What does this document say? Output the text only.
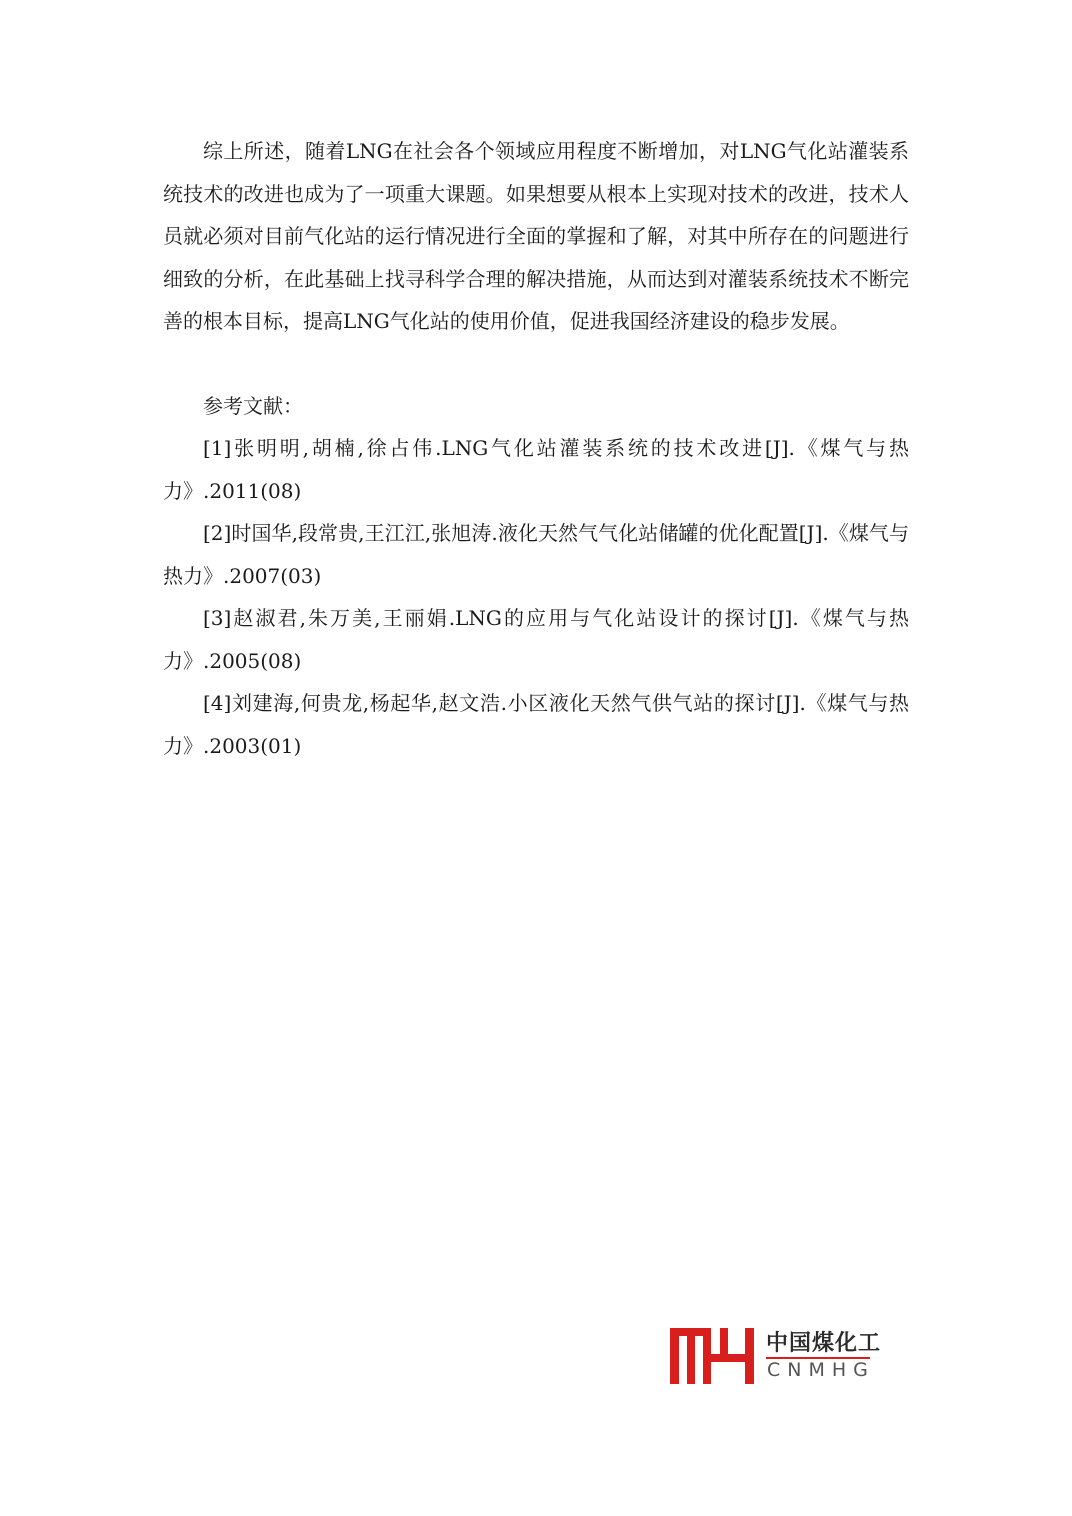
综上所述，随着LNG在社会各个领域应用程度不断增加，对LNG气化站灌装系统技术的改进也成为了一项重大课题。如果想要从根本上实现对技术的改进，技术人员就必须对目前气化站的运行情况进行全面的掌握和了解，对其中所存在的问题进行细致的分析，在此基础上找寻科学合理的解决措施，从而达到对灌装系统技术不断完善的根本目标，提高LNG气化站的使用价值，促进我国经济建设的稳步发展。

参考文献：

[1]张明明,胡楠,徐占伟.LNG气化站灌装系统的技术改进[J].《煤气与热力》.2011(08)

[2]时国华,段常贵,王江江,张旭涛.液化天然气气化站储罐的优化配置[J].《煤气与热力》.2007(03)

[3]赵淑君,朱万美,王丽娟.LNG的应用与气化站设计的探讨[J].《煤气与热力》.2005(08)

[4]刘建海,何贵龙,杨起华,赵文浩.小区液化天然气供气站的探讨[J].《煤气与热力》.2003(01)

中国煤化工
CNMHG
